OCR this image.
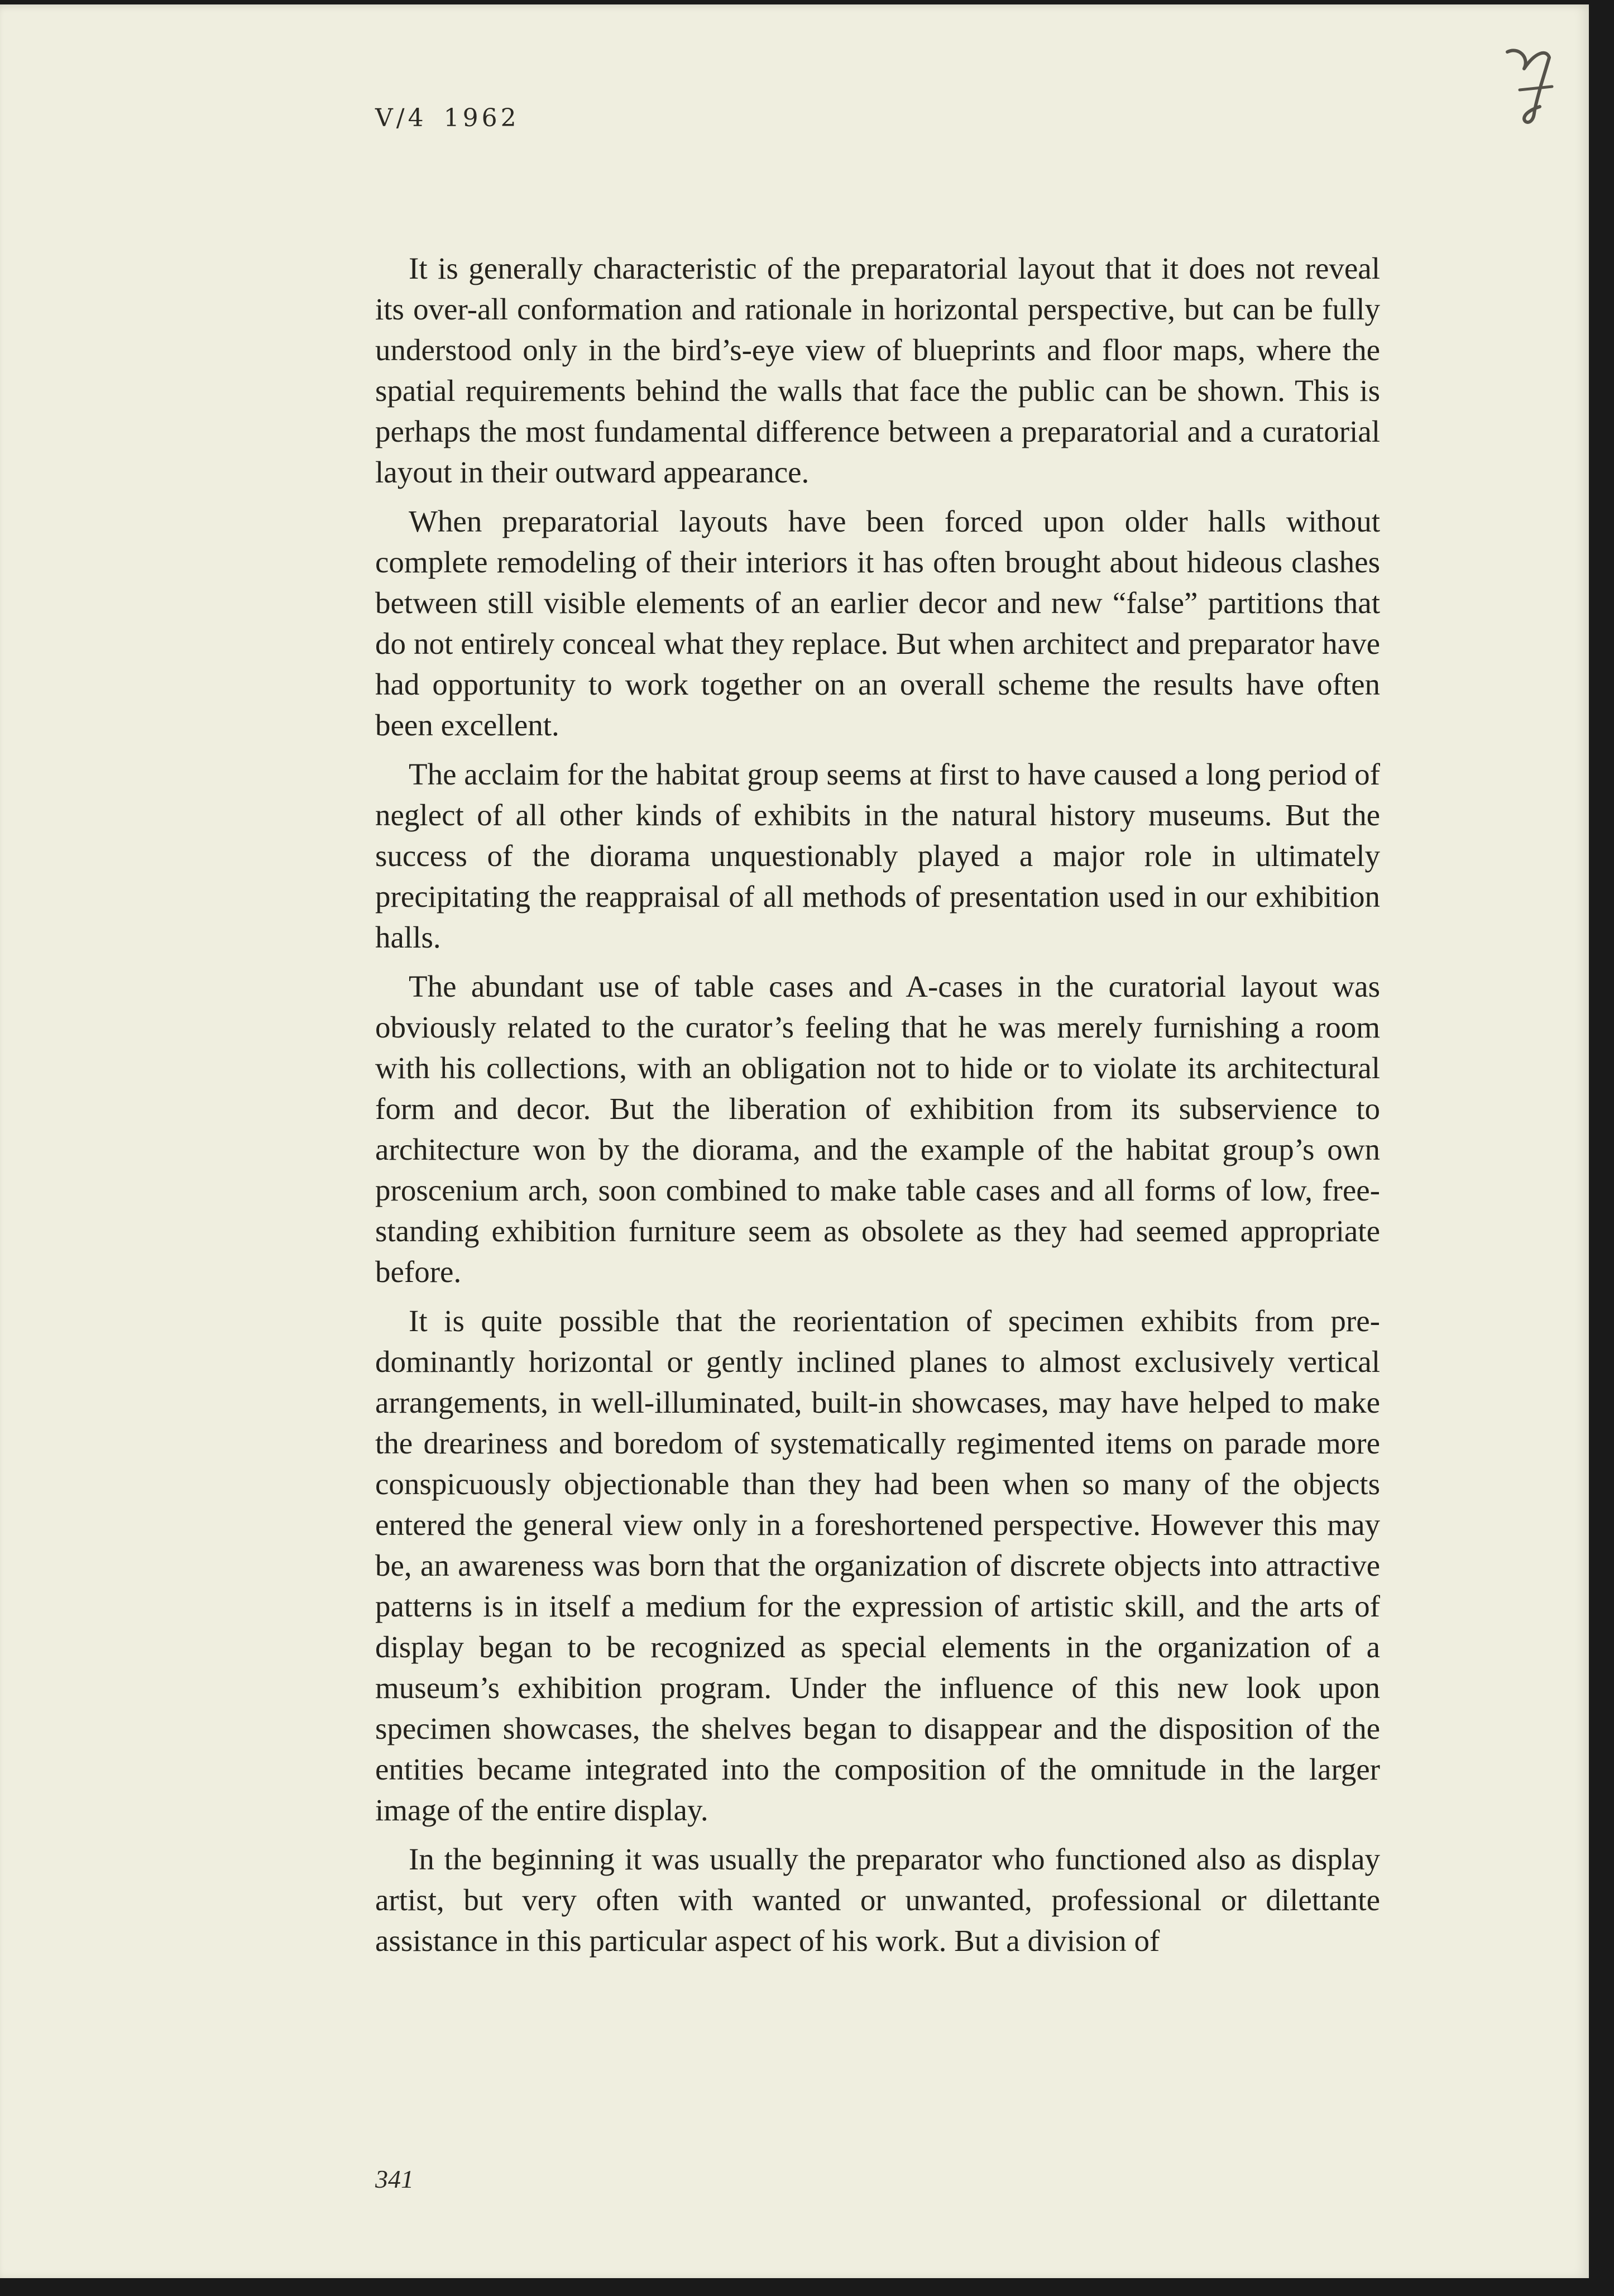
V/4 1962

It is generally characteristic of the preparatorial layout that it does not reveal its over-all conformation and rationale in horizontal perspective, but can be fully understood only in the bird’s-eye view of blueprints and floor maps, where the spatial requirements behind the walls that face the public can be shown. This is perhaps the most fundamental difference between a preparatorial and a curatorial layout in their outward appearance.

When preparatorial layouts have been forced upon older halls without complete remodeling of their interiors it has often brought about hideous clashes between still visible elements of an earlier decor and new “false” partitions that do not entirely conceal what they replace. But when architect and preparator have had opportunity to work together on an overall scheme the results have often been excellent.

The acclaim for the habitat group seems at first to have caused a long period of neglect of all other kinds of exhibits in the natural history museums. But the success of the diorama unquestionably played a major role in ultimately precipitating the reappraisal of all methods of presentation used in our exhibition halls.

The abundant use of table cases and A-cases in the curatorial layout was obviously related to the curator’s feeling that he was merely furnishing a room with his collections, with an obligation not to hide or to violate its architectural form and decor. But the liberation of exhibition from its subservience to architecture won by the diorama, and the example of the habitat group’s own proscenium arch, soon combined to make table cases and all forms of low, free-standing exhibition furniture seem as obsolete as they had seemed appropriate before.

It is quite possible that the reorientation of specimen exhibits from predominantly horizontal or gently inclined planes to almost exclusively vertical arrangements, in well-illuminated, built-in showcases, may have helped to make the dreariness and boredom of systematically regimented items on parade more conspicuously objectionable than they had been when so many of the objects entered the general view only in a foreshortened perspective. However this may be, an awareness was born that the organization of discrete objects into attractive patterns is in itself a medium for the expression of artistic skill, and the arts of display began to be recognized as special elements in the organization of a museum’s exhibition program. Under the influence of this new look upon specimen showcases, the shelves began to disappear and the disposition of the entities became integrated into the composition of the omnitude in the larger image of the entire display.

In the beginning it was usually the preparator who functioned also as display artist, but very often with wanted or unwanted, professional or dilettante assistance in this particular aspect of his work. But a division of

341
